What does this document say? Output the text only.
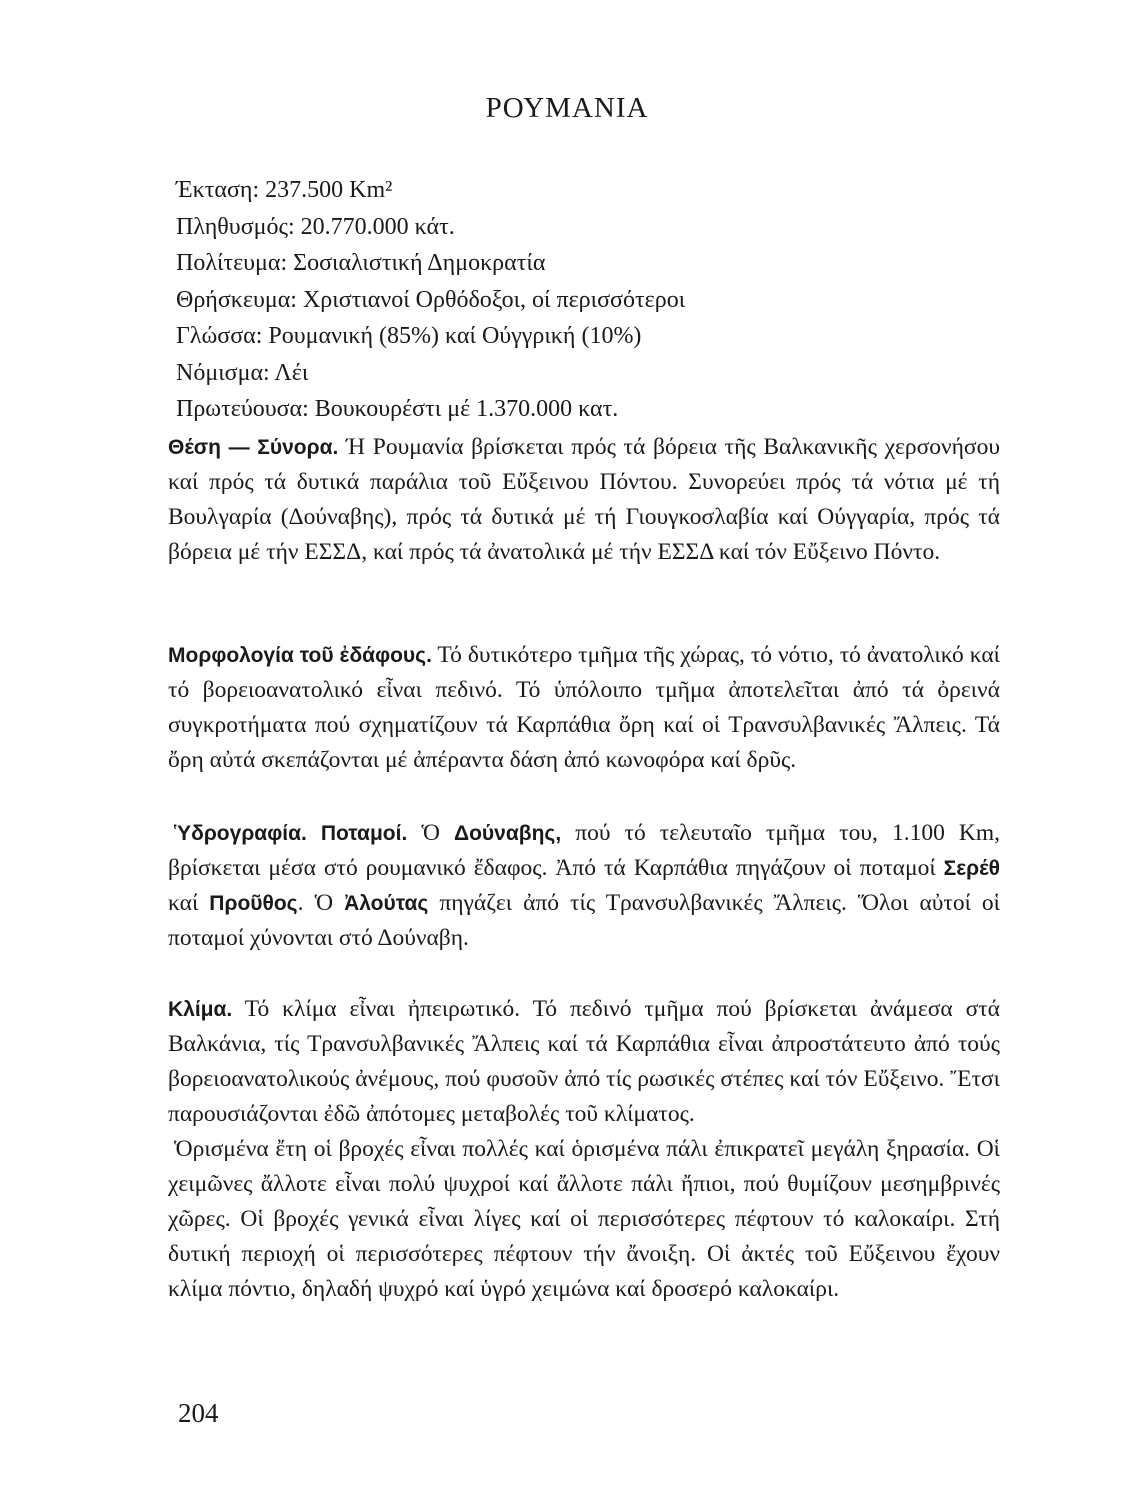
ΡΟΥΜΑΝΙΑ
Έκταση: 237.500 Km²
Πληθυσμός: 20.770.000 κάτ.
Πολίτευμα: Σοσιαλιστική Δημοκρατία
Θρήσκευμα: Χριστιανοί Ορθόδοξοι, οί περισσότεροι
Γλώσσα: Ρουμανική (85%) καί Ούγγρική (10%)
Νόμισμα: Λέι
Πρωτεύουσα: Βουκουρέστι μέ 1.370.000 κατ.

Θέση — Σύνορα. Ή Ρουμανία βρίσκεται πρός τά βόρεια τῆς Βαλκανικῆς χερσονήσου καί πρός τά δυτικά παράλια τοῦ Εὔξεινου Πόντου. Συνορεύει πρός τά νότια μέ τή Βουλγαρία (Δούναβης), πρός τά δυτικά μέ τή Γιουγκοσλαβία καί Ούγγαρία, πρός τά βόρεια μέ τήν ΕΣΣΔ, καί πρός τά ἀνατολικά μέ τήν ΕΣΣΔ καί τόν Εὔξεινο Πόντο.

Μορφολογία τοῦ ἐδάφους. Τό δυτικότερο τμῆμα τῆς χώρας, τό νότιο, τό ἀνατολικό καί τό βορειοανατολικό εἶναι πεδινό. Τό ὑπόλοιπο τμῆμα ἀποτελεῖται ἀπό τά ὀρεινά συγκροτήματα πού σχηματίζουν τά Καρπάθια ὄρη καί οἱ Τρανσυλβανικές Ἄλπεις. Τά ὄρη αὐτά σκεπάζονται μέ ἀπέραντα δάση ἀπό κωνοφόρα καί δρῦς.

Ὑδρογραφία. Ποταμοί. Ὁ Δούναβης, πού τό τελευταῖο τμῆμα του, 1.100 Km, βρίσκεται μέσα στό ρουμανικό ἔδαφος. Ἀπό τά Καρπάθια πηγάζουν οἱ ποταμοί Σερέθ καί Προῦθος. Ὁ Ἀλούτας πηγάζει ἀπό τίς Τρανσυλβανικές Ἄλπεις. Ὅλοι αὐτοί οἱ ποταμοί χύνονται στό Δούναβη.

Κλίμα. Τό κλίμα εἶναι ἠπειρωτικό. Τό πεδινό τμῆμα πού βρίσκεται ἀνάμεσα στά Βαλκάνια, τίς Τρανσυλβανικές Ἄλπεις καί τά Καρπάθια εἶναι ἀπροστάτευτο ἀπό τούς βορειοανατολικούς ἀνέμους, πού φυσοῦν ἀπό τίς ρωσικές στέπες καί τόν Εὔξεινο. Ἔτσι παρουσιάζονται ἐδῶ ἀπότομες μεταβολές τοῦ κλίματος.

Ὁρισμένα ἔτη οἱ βροχές εἶναι πολλές καί ὁρισμένα πάλι ἐπικρατεῖ μεγάλη ξηρασία. Οἱ χειμῶνες ἄλλοτε εἶναι πολύ ψυχροί καί ἄλλοτε πάλι ἤπιοι, πού θυμίζουν μεσημβρινές χῶρες. Οἱ βροχές γενικά εἶναι λίγες καί οἱ περισσότερες πέφτουν τό καλοκαίρι. Στή δυτική περιοχή οἱ περισσότερες πέφτουν τήν ἄνοιξη. Οἱ ἀκτές τοῦ Εὔξεινου ἔχουν κλίμα πόντιο, δηλαδή ψυχρό καί ὑγρό χειμώνα καί δροσερό καλοκαίρι.

204
